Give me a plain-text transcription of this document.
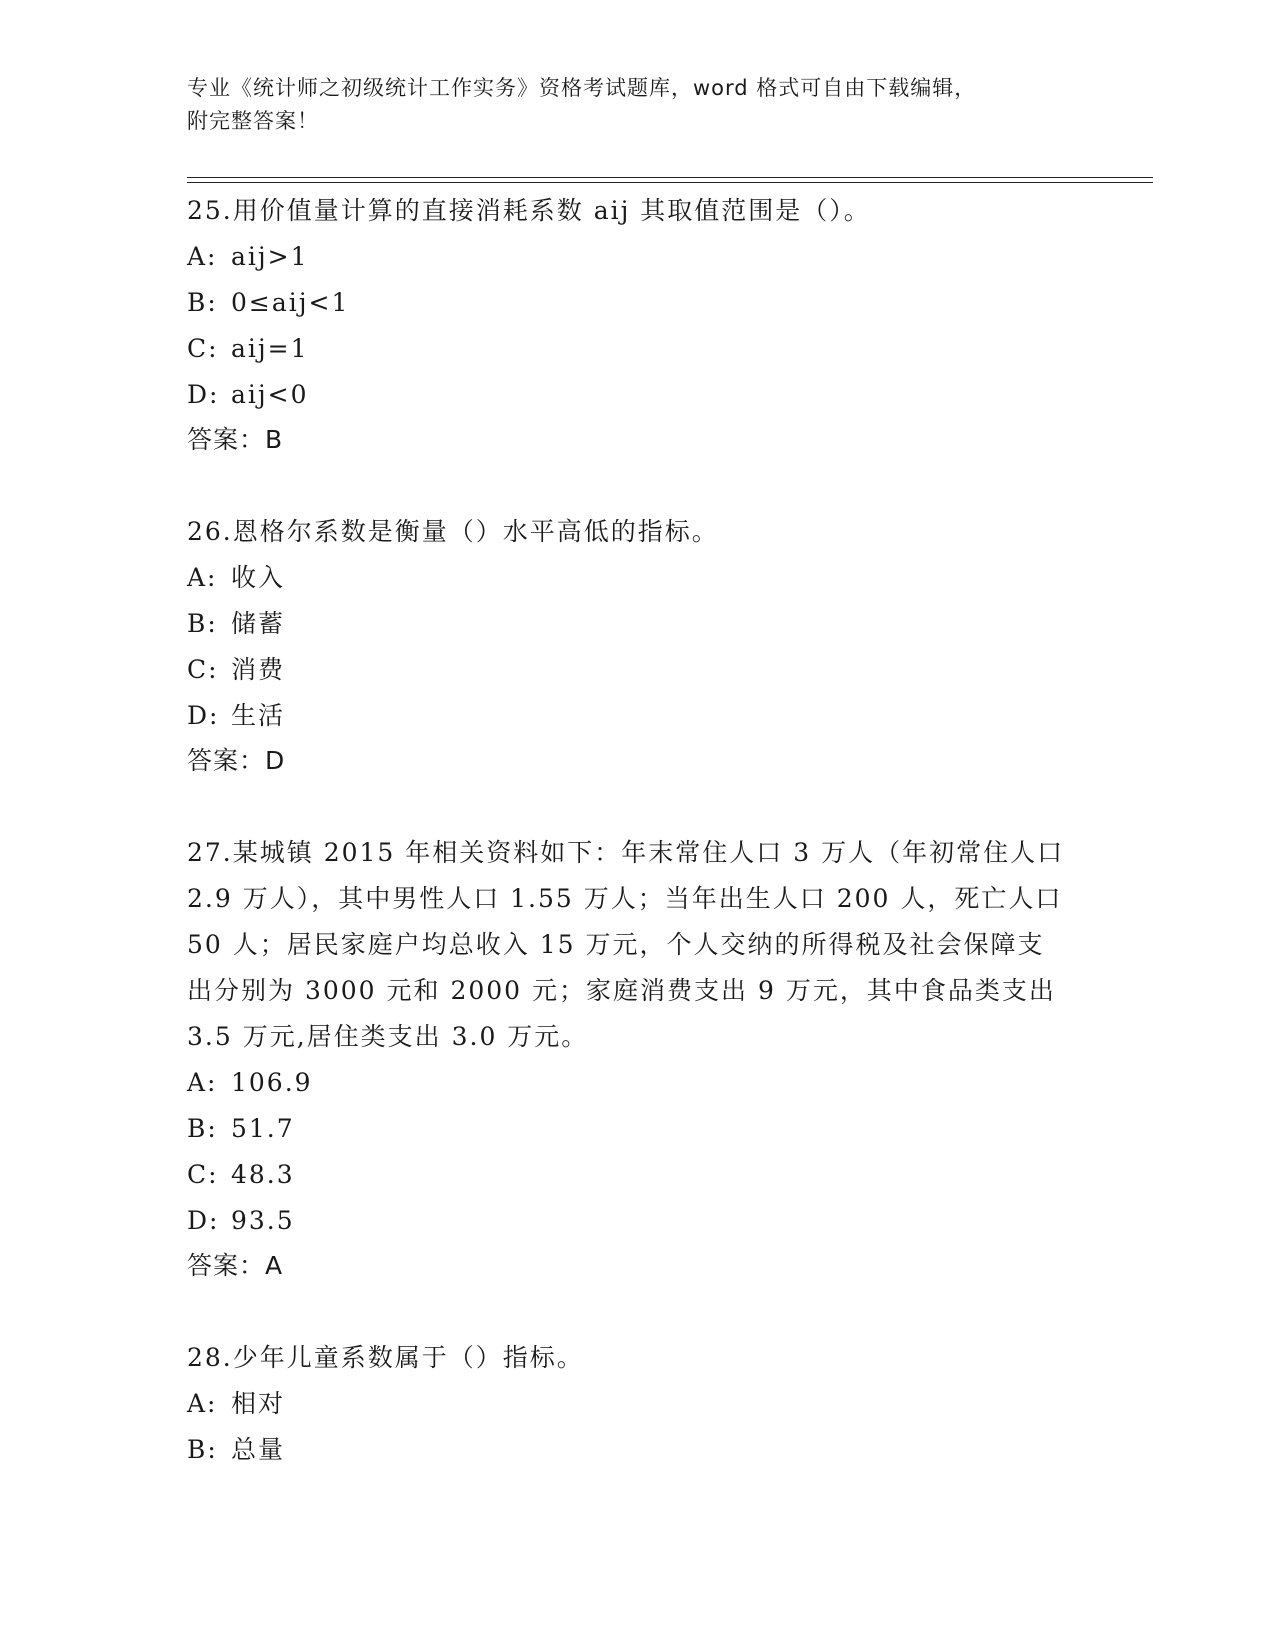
专业《统计师之初级统计工作实务》资格考试题库，word 格式可自由下载编辑，
附完整答案！

25.用价值量计算的直接消耗系数 aij 其取值范围是（）。

A: aij>1

B: 0≤aij<1

C: aij=1

D: aij<0

答案：B

26.恩格尔系数是衡量（）水平高低的指标。

A: 收入

B: 储蓄

C: 消费

D: 生活

答案：D

27.某城镇 2015 年相关资料如下：年末常住人口 3 万人（年初常住人口 2.9 万人），其中男性人口 1.55 万人；当年出生人口 200 人，死亡人口 50 人；居民家庭户均总收入 15 万元，个人交纳的所得税及社会保障支出分别为 3000 元和 2000 元；家庭消费支出 9 万元，其中食品类支出 3.5 万元,居住类支出 3.0 万元。

A: 106.9

B: 51.7

C: 48.3

D: 93.5

答案：A

28.少年儿童系数属于（）指标。

A: 相对

B: 总量
